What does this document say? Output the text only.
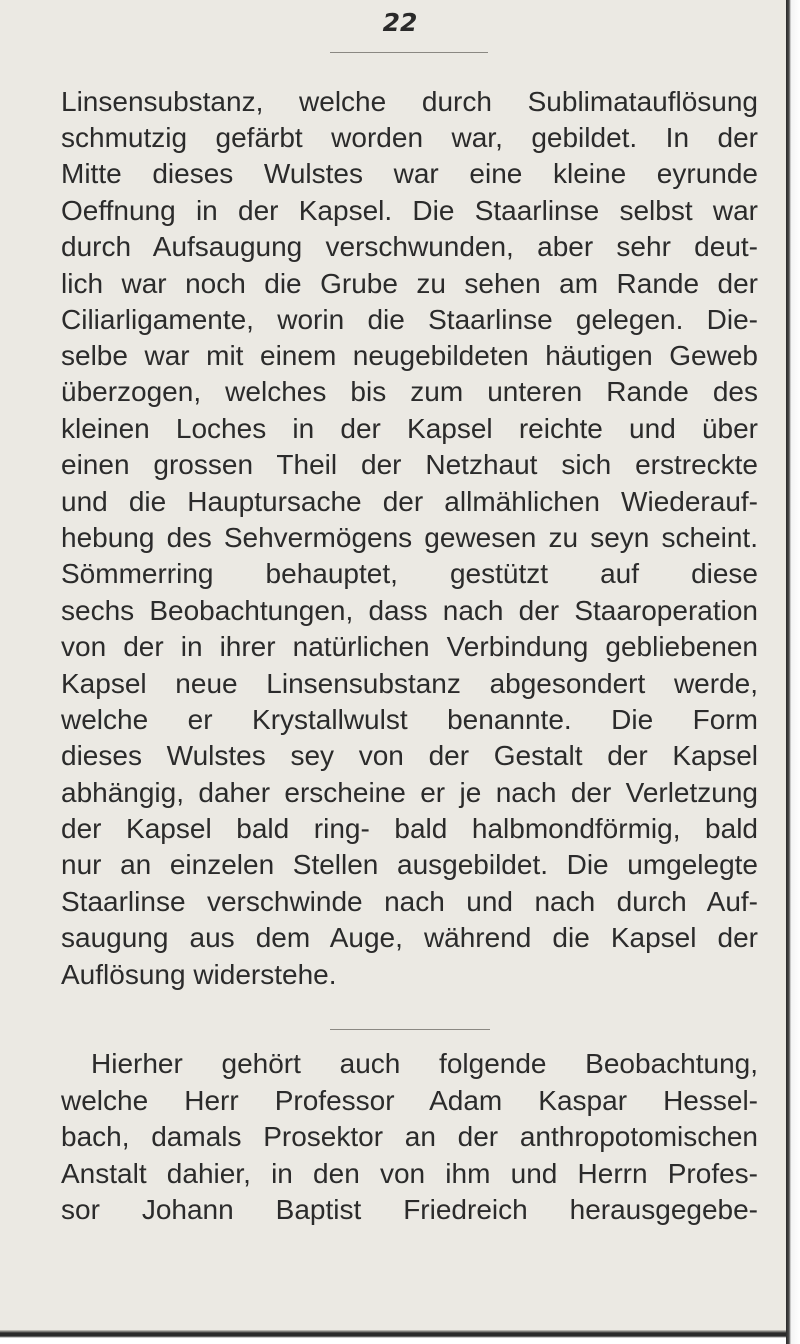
22

Linsensubstanz, welche durch Sublimatauflösung
schmutzig gefärbt worden war, gebildet. In der
Mitte dieses Wulstes war eine kleine eyrunde
Oeffnung in der Kapsel. Die Staarlinse selbst war
durch Aufsaugung verschwunden, aber sehr deut-
lich war noch die Grube zu sehen am Rande der
Ciliarligamente, worin die Staarlinse gelegen. Die-
selbe war mit einem neugebildeten häutigen Geweb
überzogen, welches bis zum unteren Rande des
kleinen Loches in der Kapsel reichte und über
einen grossen Theil der Netzhaut sich erstreckte
und die Hauptursache der allmählichen Wiederauf-
hebung des Sehvermögens gewesen zu seyn scheint.
Sömmerring behauptet, gestützt auf diese
sechs Beobachtungen, dass nach der Staaroperation
von der in ihrer natürlichen Verbindung gebliebenen
Kapsel neue Linsensubstanz abgesondert werde,
welche er Krystallwulst benannte. Die Form
dieses Wulstes sey von der Gestalt der Kapsel
abhängig, daher erscheine er je nach der Verletzung
der Kapsel bald ring- bald halbmondförmig, bald
nur an einzelen Stellen ausgebildet. Die umgelegte
Staarlinse verschwinde nach und nach durch Auf-
saugung aus dem Auge, während die Kapsel der
Auflösung widerstehe.
Hierher gehört auch folgende Beobachtung,
welche Herr Professor Adam Kaspar Hessel-
bach, damals Prosektor an der anthropotomischen
Anstalt dahier, in den von ihm und Herrn Profes-
sor Johann Baptist Friedreich herausgegebe-
